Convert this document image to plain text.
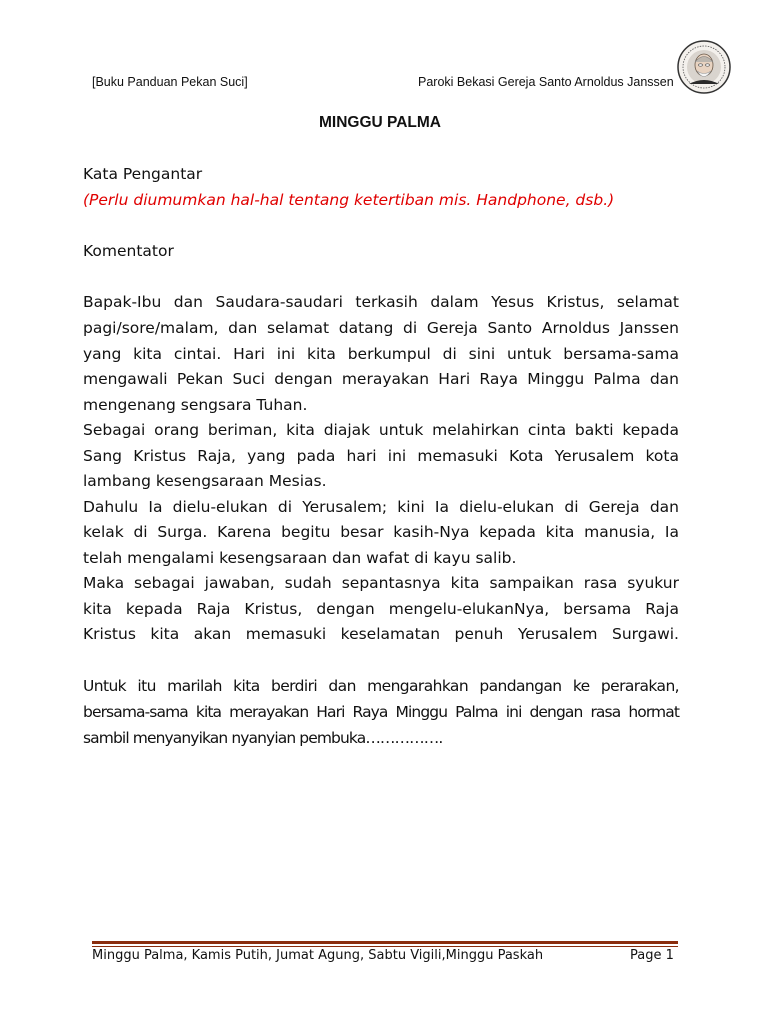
[Buku Panduan Pekan Suci]	Paroki Bekasi Gereja Santo Arnoldus Janssen
MINGGU PALMA

Kata Pengantar

(Perlu diumumkan hal-hal tentang ketertiban mis. Handphone, dsb.)

Komentator

Bapak-Ibu dan Saudara-saudari terkasih dalam Yesus Kristus, selamat

pagi/sore/malam, dan selamat datang di Gereja Santo Arnoldus Janssen

yang kita cintai. Hari ini kita berkumpul di sini untuk bersama-sama

mengawali Pekan Suci dengan merayakan Hari Raya Minggu Palma dan

mengenang sengsara Tuhan.

Sebagai orang beriman, kita diajak untuk melahirkan cinta bakti kepada

Sang Kristus Raja, yang pada hari ini memasuki Kota Yerusalem kota

lambang kesengsaraan Mesias.

Dahulu Ia dielu-elukan di Yerusalem; kini Ia dielu-elukan di Gereja dan

kelak di Surga. Karena begitu besar kasih-Nya kepada kita manusia, Ia

telah mengalami kesengsaraan dan wafat di kayu salib.

Maka sebagai jawaban, sudah sepantasnya kita sampaikan rasa syukur

kita kepada Raja Kristus, dengan mengelu-elukanNya, bersama Raja

Kristus kita akan memasuki keselamatan penuh Yerusalem Surgawi.

Untuk itu marilah kita berdiri dan mengarahkan pandangan ke perarakan,

bersama-sama kita merayakan Hari Raya Minggu Palma ini dengan rasa hormat

sambil menyanyikan nyanyian pembuka…………….

Minggu Palma, Kamis Putih, Jumat Agung, Sabtu Vigili,Minggu Paskah	Page 1
